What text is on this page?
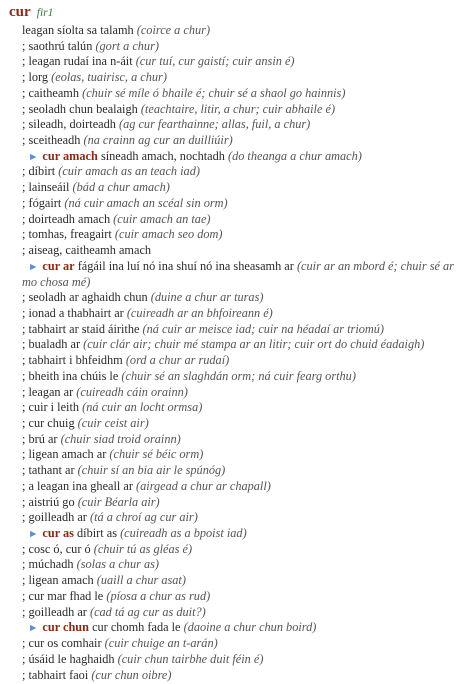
cur fir1
leagan síolta sa talamh (coirce a chur)
; saothrú talún (gort a chur)
; leagan rudaí ina n-áit (cur tuí, cur gaistí; cuir ansin é)
; lorg (eolas, tuairisc, a chur)
; caitheamh (chuir sé míle ó bhaile é; chuir sé a shaol go hainnis)
; seoladh chun bealaigh (teachtaire, litir, a chur; cuir abhaile é)
; sileadh, doirteadh (ag cur fearthainne; allas, fuil, a chur)
; sceitheadh (na crainn ag cur an duilliúir)
► cur amach síneadh amach, nochtadh (do theanga a chur amach)
; díbirt (cuir amach as an teach iad)
; lainseáil (bád a chur amach)
; fógairt (ná cuir amach an scéal sin orm)
; doirteadh amach (cuir amach an tae)
; tomhas, freagairt (cuir amach seo dom)
; aiseag, caitheamh amach
► cur ar fágáil ina luí nó ina shuí nó ina sheasamh ar (cuir ar an mbord é; chuir sé ar
mo chosa mé)
; seoladh ar aghaidh chun (duine a chur ar turas)
; ionad a thabhairt ar (cuireadh ar an bhfoireann é)
; tabhairt ar staid áirithe (ná cuir ar meisce iad; cuir na héadaí ar triomú)
; bualadh ar (cuir clár air; chuir mé stampa ar an litir; cuir ort do chuid éadaigh)
; tabhairt i bhfeidhm (ord a chur ar rudaí)
; bheith ina chúis le (chuir sé an slaghdán orm; ná cuir fearg orthu)
; leagan ar (cuireadh cáin orainn)
; cuir i leith (ná cuir an locht ormsa)
; cur chuig (cuir ceist air)
; brú ar (chuir siad troid orainn)
; ligean amach ar (chuir sé béic orm)
; tathant ar (chuir sí an bia air le spúnóg)
; a leagan ina gheall ar (airgead a chur ar chapall)
; aistriú go (cuir Béarla air)
; goilleadh ar (tá a chroí ag cur air)
► cur as díbirt as (cuireadh as a bpoist iad)
; cosc ó, cur ó (chuir tú as gléas é)
; múchadh (solas a chur as)
; ligean amach (uaill a chur asat)
; cur mar fhad le (píosa a chur as rud)
; goilleadh ar (cad tá ag cur as duit?)
► cur chun cur chomh fada le (daoine a chur chun boird)
; cur os comhair (cuir chuige an t-arán)
; úsáid le haghaidh (cuir chun tairbhe duit féin é)
; tabhairt faoi (cur chun oibre)
